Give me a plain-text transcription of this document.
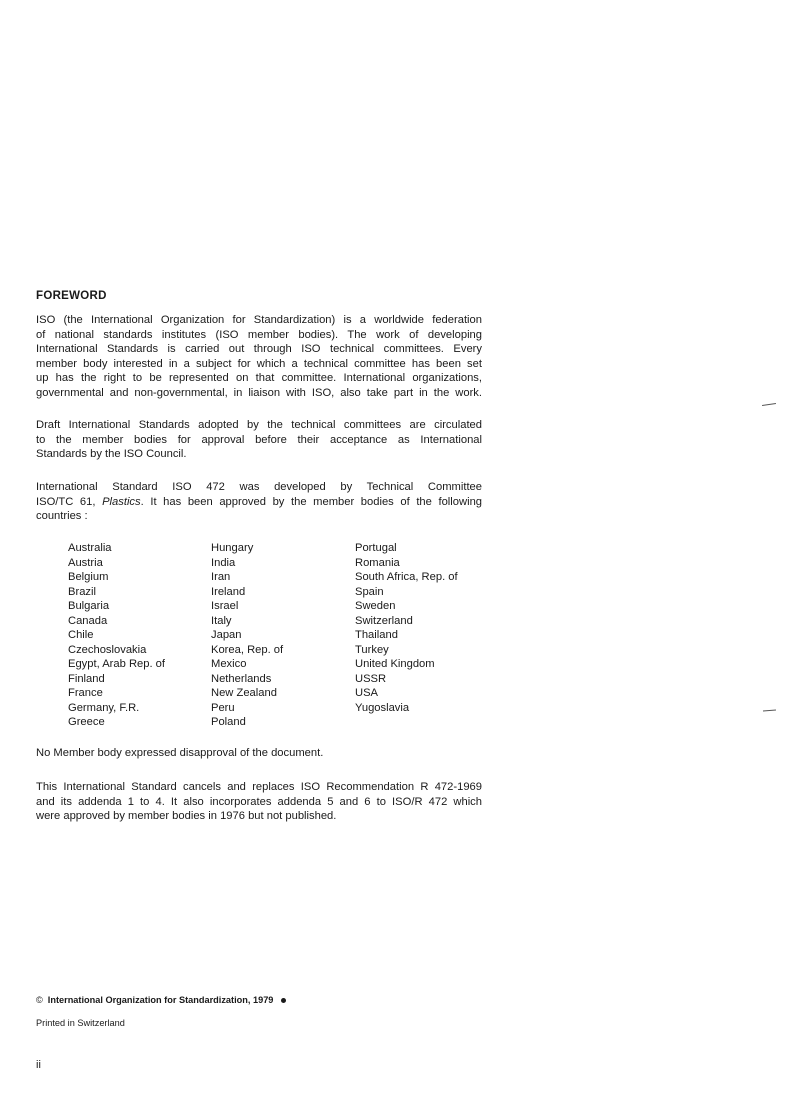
FOREWORD

ISO (the International Organization for Standardization) is a worldwide federation
of national standards institutes (ISO member bodies). The work of developing
International Standards is carried out through ISO technical committees. Every
member body interested in a subject for which a technical committee has been set
up has the right to be represented on that committee. International organizations,
governmental and non-governmental, in liaison with ISO, also take part in the work.

Draft International Standards adopted by the technical committees are circulated
to the member bodies for approval before their acceptance as International
Standards by the ISO Council.

International Standard ISO 472 was developed by Technical Committee
ISO/TC 61, Plastics. It has been approved by the member bodies of the following
countries :

Australia
Austria
Belgium
Brazil
Bulgaria
Canada
Chile
Czechoslovakia
Egypt, Arab Rep. of
Finland
France
Germany, F.R.
Greece
Hungary
India
Iran
Ireland
Israel
Italy
Japan
Korea, Rep. of
Mexico
Netherlands
New Zealand
Peru
Poland
Portugal
Romania
South Africa, Rep. of
Spain
Sweden
Switzerland
Thailand
Turkey
United Kingdom
USSR
USA
Yugoslavia

No Member body expressed disapproval of the document.

This International Standard cancels and replaces ISO Recommendation R 472-1969
and its addenda 1 to 4. It also incorporates addenda 5 and 6 to ISO/R 472 which
were approved by member bodies in 1976 but not published.

© International Organization for Standardization, 1979
Printed in Switzerland
ii
